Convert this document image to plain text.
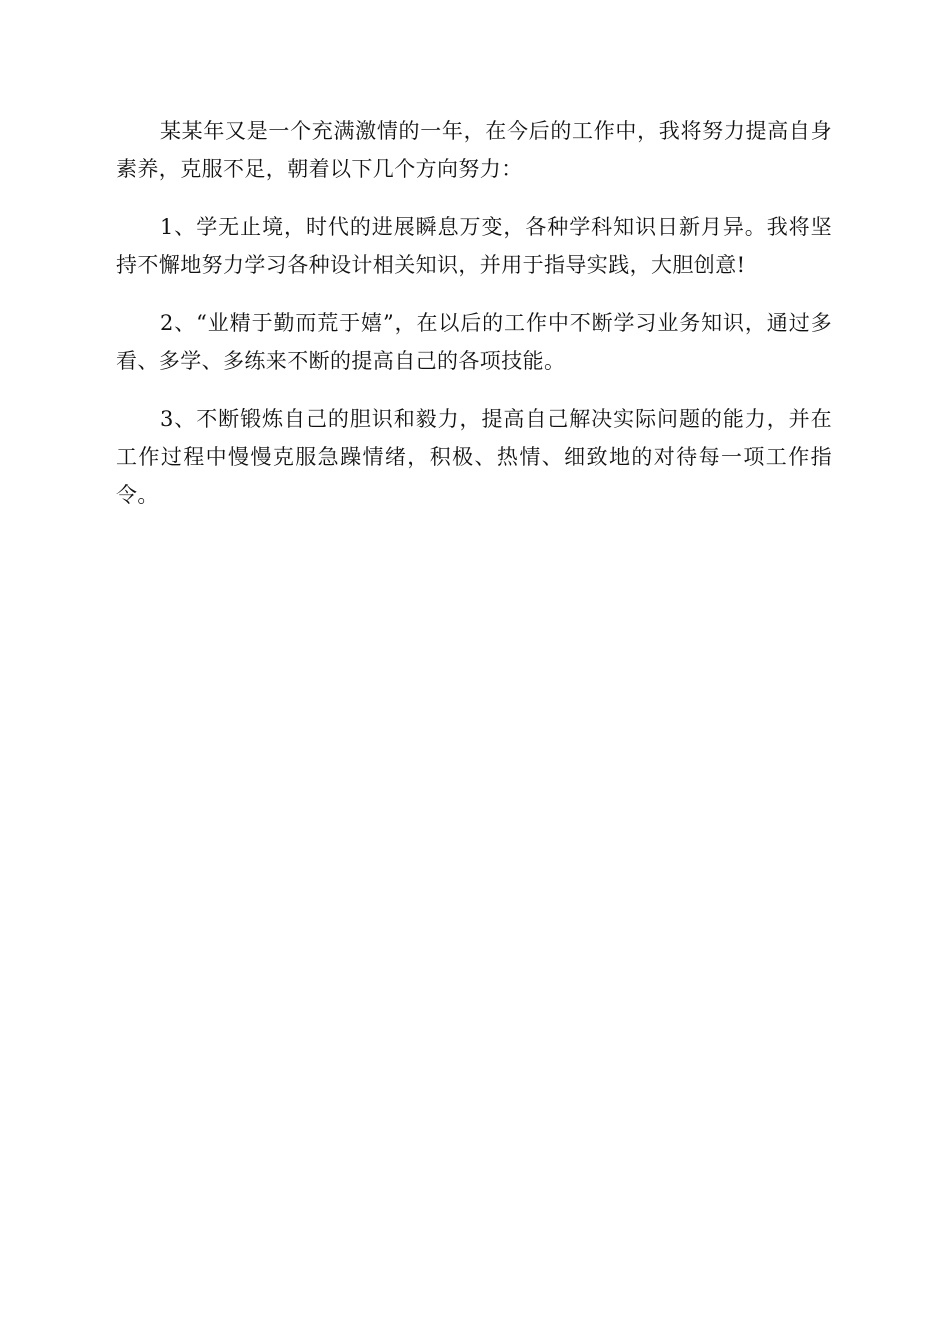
某某年又是一个充满激情的一年，在今后的工作中，我将努力提高自身素养，克服不足，朝着以下几个方向努力：

1、学无止境，时代的进展瞬息万变，各种学科知识日新月异。我将坚持不懈地努力学习各种设计相关知识，并用于指导实践，大胆创意!

2、“业精于勤而荒于嬉”，在以后的工作中不断学习业务知识，通过多看、多学、多练来不断的提高自己的各项技能。

3、不断锻炼自己的胆识和毅力，提高自己解决实际问题的能力，并在工作过程中慢慢克服急躁情绪，积极、热情、细致地的对待每一项工作指令。
